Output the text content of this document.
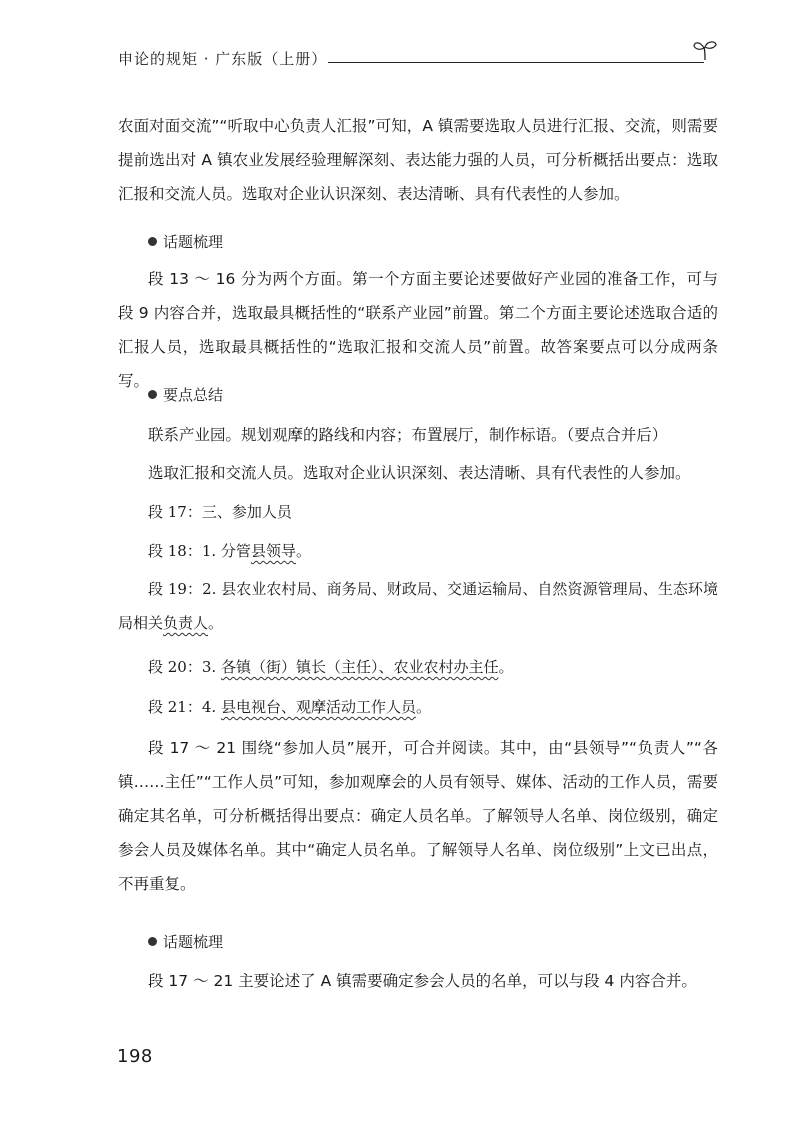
申论的规矩 · 广东版（上册）

农面对面交流”“听取中心负责人汇报”可知，A 镇需要选取人员进行汇报、交流，则需要提前选出对 A 镇农业发展经验理解深刻、表达能力强的人员，可分析概括出要点：选取汇报和交流人员。选取对企业认识深刻、表达清晰、具有代表性的人参加。

话题梳理

段 13 ～ 16 分为两个方面。第一个方面主要论述要做好产业园的准备工作，可与段 9 内容合并，选取最具概括性的“联系产业园”前置。第二个方面主要论述选取合适的汇报人员，选取最具概括性的“选取汇报和交流人员”前置。故答案要点可以分成两条写。

要点总结

联系产业园。规划观摩的路线和内容；布置展厅，制作标语。（要点合并后）

选取汇报和交流人员。选取对企业认识深刻、表达清晰、具有代表性的人参加。

段 17：三、参加人员

段 18：1. 分管县领导。

段 19：2. 县农业农村局、商务局、财政局、交通运输局、自然资源管理局、生态环境局相关负责人。

段 20：3. 各镇（街）镇长（主任）、农业农村办主任。

段 21：4. 县电视台、观摩活动工作人员。

段 17 ～ 21 围绕“参加人员”展开，可合并阅读。其中，由“县领导”“负责人”“各镇……主任”“工作人员”可知，参加观摩会的人员有领导、媒体、活动的工作人员，需要确定其名单，可分析概括得出要点：确定人员名单。了解领导人名单、岗位级别，确定参会人员及媒体名单。其中“确定人员名单。了解领导人名单、岗位级别”上文已出点，不再重复。

话题梳理

段 17 ～ 21 主要论述了 A 镇需要确定参会人员的名单，可以与段 4 内容合并。

198
